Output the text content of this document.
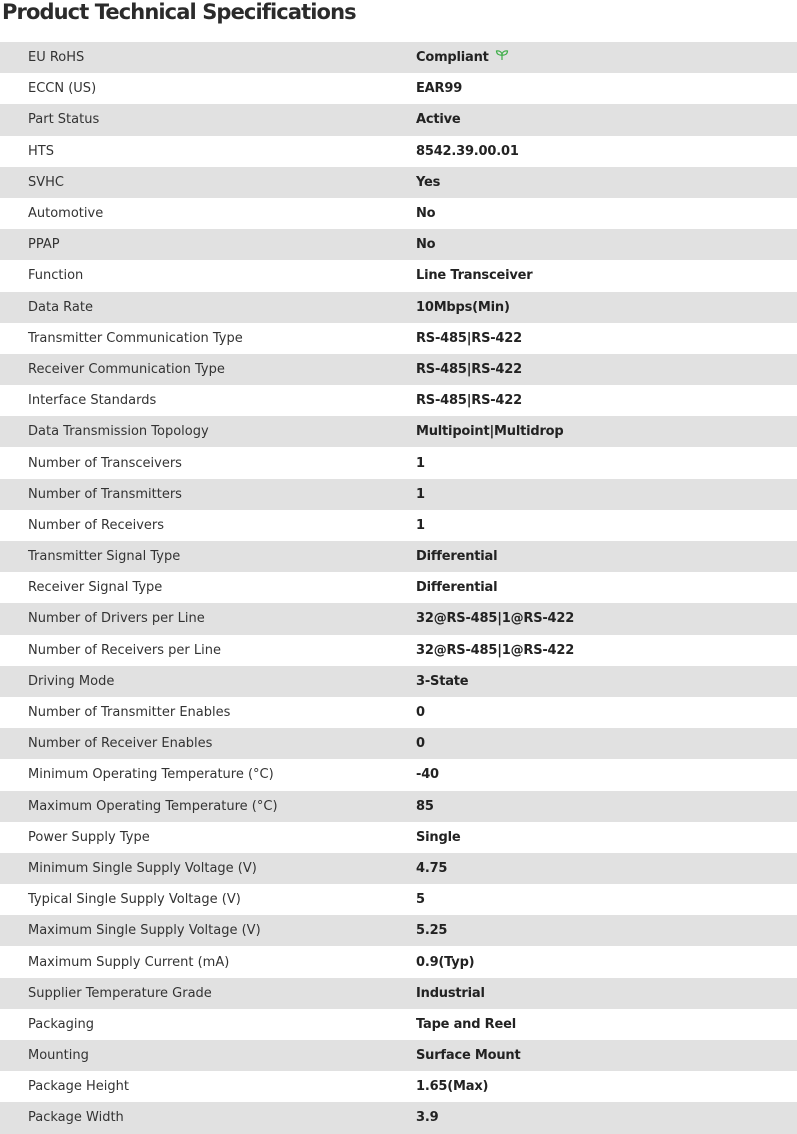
Product Technical Specifications
EU RoHS	Compliant
ECCN (US)	EAR99
Part Status	Active
HTS	8542.39.00.01
SVHC	Yes
Automotive	No
PPAP	No
Function	Line Transceiver
Data Rate	10Mbps(Min)
Transmitter Communication Type	RS-485|RS-422
Receiver Communication Type	RS-485|RS-422
Interface Standards	RS-485|RS-422
Data Transmission Topology	Multipoint|Multidrop
Number of Transceivers	1
Number of Transmitters	1
Number of Receivers	1
Transmitter Signal Type	Differential
Receiver Signal Type	Differential
Number of Drivers per Line	32@RS-485|1@RS-422
Number of Receivers per Line	32@RS-485|1@RS-422
Driving Mode	3-State
Number of Transmitter Enables	0
Number of Receiver Enables	0
Minimum Operating Temperature (°C)	-40
Maximum Operating Temperature (°C)	85
Power Supply Type	Single
Minimum Single Supply Voltage (V)	4.75
Typical Single Supply Voltage (V)	5
Maximum Single Supply Voltage (V)	5.25
Maximum Supply Current (mA)	0.9(Typ)
Supplier Temperature Grade	Industrial
Packaging	Tape and Reel
Mounting	Surface Mount
Package Height	1.65(Max)
Package Width	3.9
